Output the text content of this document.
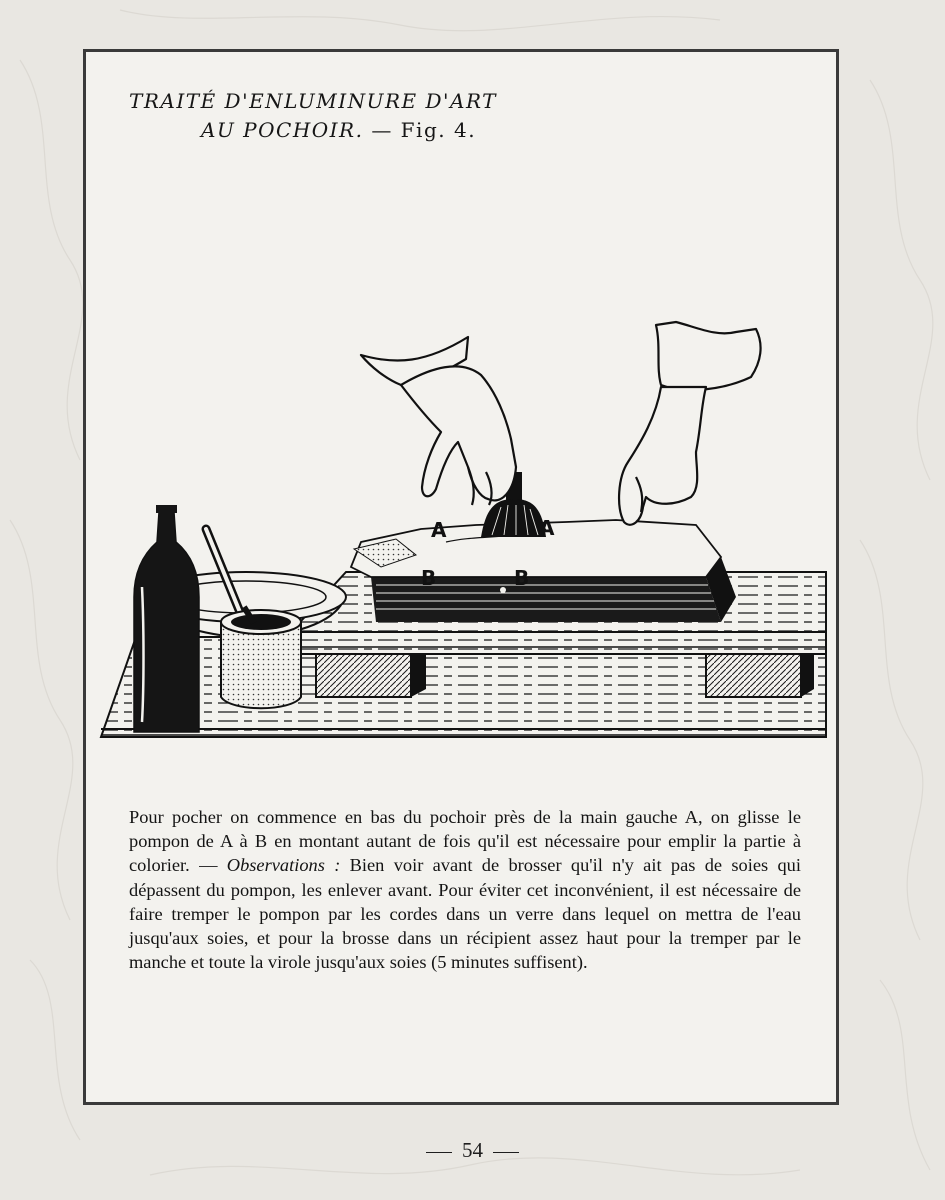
TRAITÉ D'ENLUMINURE D'ART
AU POCHOIR. — Fig. 4.
A	A
B	B

Pour pocher on commence en bas du pochoir près de la main gauche A, on glisse le pompon de A à B en montant autant de fois qu'il est nécessaire pour emplir la partie à colorier. — Observations : Bien voir avant de brosser qu'il n'y ait pas de soies qui dépassent du pompon, les enlever avant. Pour éviter cet inconvénient, il est nécessaire de faire tremper le pompon par les cordes dans un verre dans lequel on mettra de l'eau jusqu'aux soies, et pour la brosse dans un récipient assez haut pour la tremper par le manche et toute la virole jusqu'aux soies (5 minutes suffisent).

54
